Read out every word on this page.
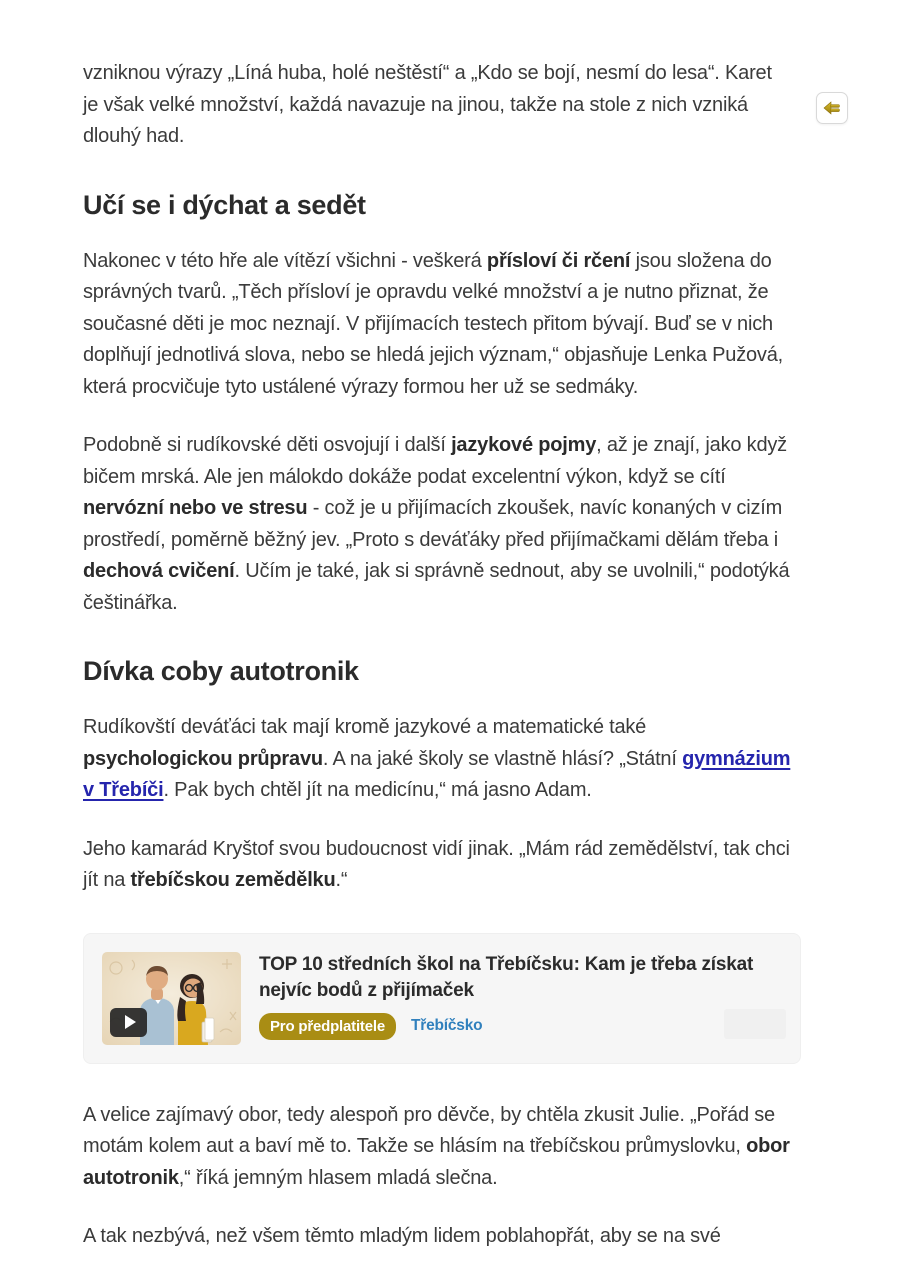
vzniknou výrazy „Líná huba, holé neštěstí“ a „Kdo se bojí, nesmí do lesa“. Karet je však velké množství, každá navazuje na jinou, takže na stole z nich vzniká dlouhý had.

Učí se i dýchat a sedět

Nakonec v této hře ale vítězí všichni - veškerá přísloví či rčení jsou složena do správných tvarů. „Těch přísloví je opravdu velké množství a je nutno přiznat, že současné děti je moc neznají. V přijímacích testech přitom bývají. Buď se v nich doplňují jednotlivá slova, nebo se hledá jejich význam,“ objasňuje Lenka Pužová, která procvičuje tyto ustálené výrazy formou her už se sedmáky.

Podobně si rudíkovské děti osvojují i další jazykové pojmy, až je znají, jako když bičem mrská. Ale jen málokdo dokáže podat excelentní výkon, když se cítí nervózní nebo ve stresu - což je u přijímacích zkoušek, navíc konaných v cizím prostředí, poměrně běžný jev. „Proto s deváťáky před přijímačkami dělám třeba i dechová cvičení. Učím je také, jak si správně sednout, aby se uvolnili,“ podotýká češtinářka.

Dívka coby autotronik

Rudíkovští deváťáci tak mají kromě jazykové a matematické také psychologickou průpravu. A na jaké školy se vlastně hlásí? „Státní gymnázium v Třebíči. Pak bych chtěl jít na medicínu,“ má jasno Adam.

Jeho kamarád Kryštof svou budoucnost vidí jinak. „Mám rád zemědělství, tak chci jít na třebíčskou zemědělku.“

TOP 10 středních škol na Třebíčsku: Kam je třeba získat nejvíc bodů z přijímaček
Pro předplatitele	Třebíčsko

A velice zajímavý obor, tedy alespoň pro děvče, by chtěla zkusit Julie. „Pořád se motám kolem aut a baví mě to. Takže se hlásím na třebíčskou průmyslovku, obor autotronik,“ říká jemným hlasem mladá slečna.

A tak nezbývá, než všem těmto mladým lidem poblahopřát, aby se na své
